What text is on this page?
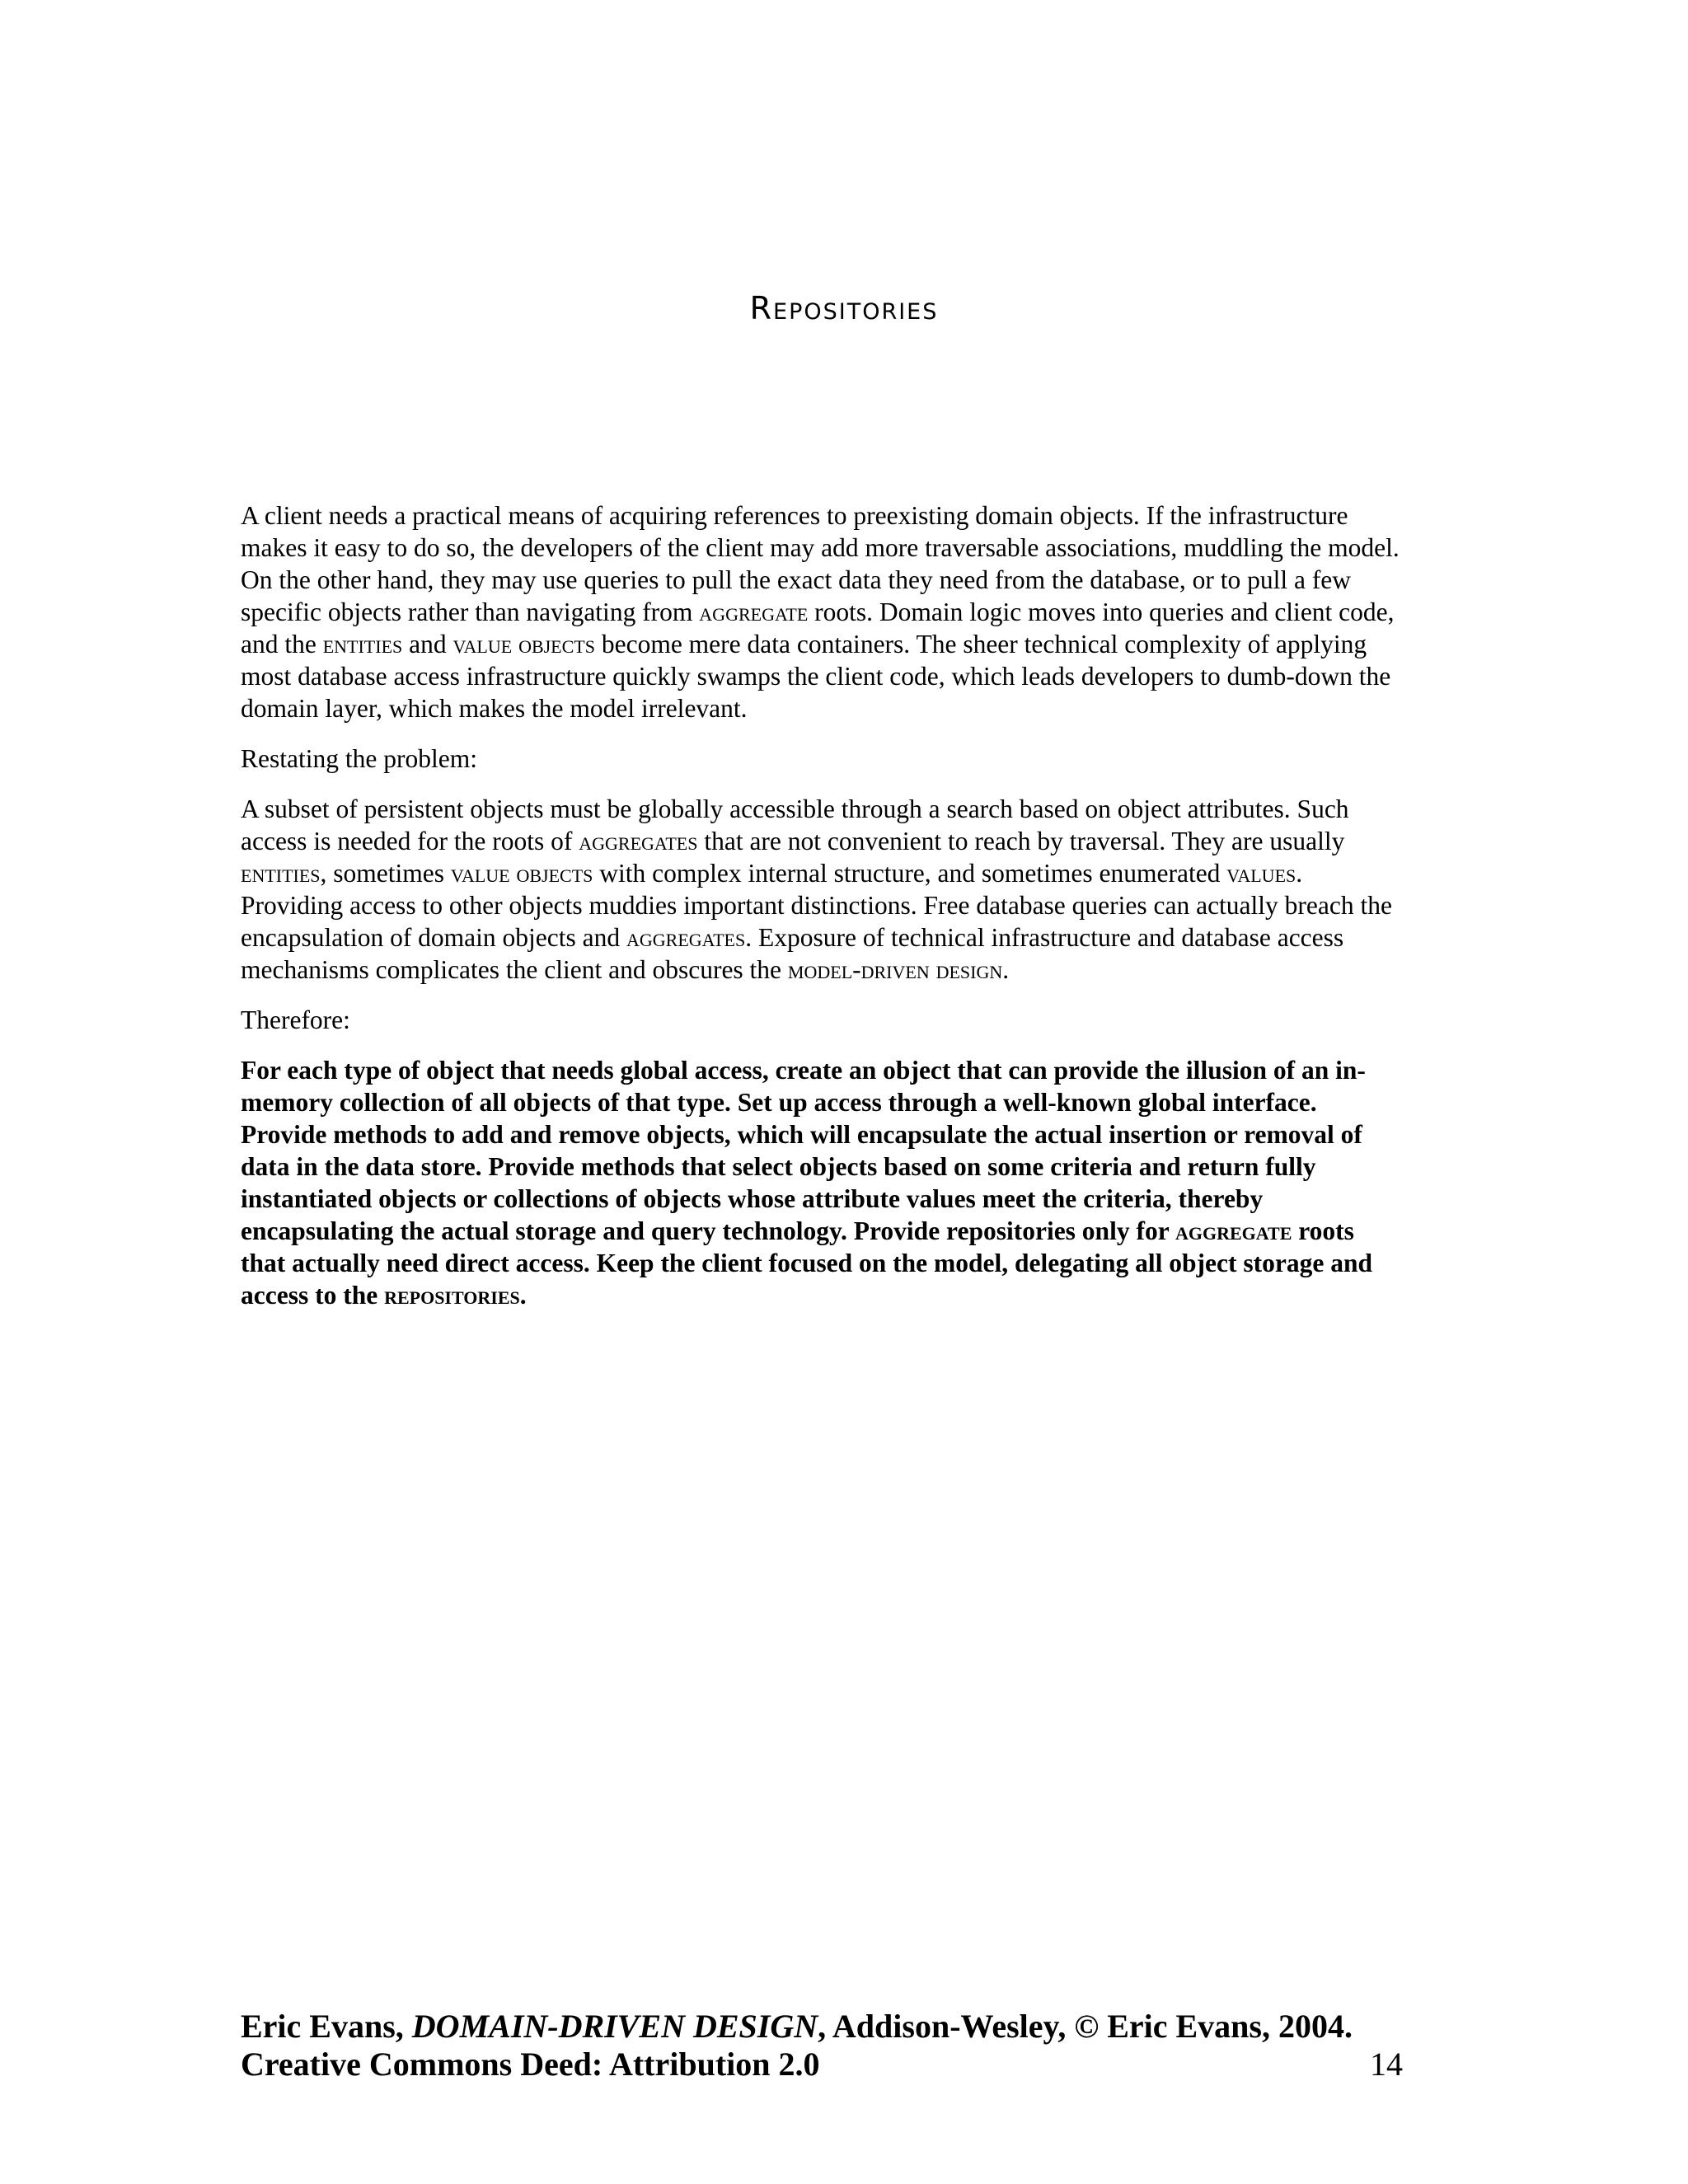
Repositories

A client needs a practical means of acquiring references to preexisting domain objects. If the infrastructure makes it easy to do so, the developers of the client may add more traversable associations, muddling the model. On the other hand, they may use queries to pull the exact data they need from the database, or to pull a few specific objects rather than navigating from aggregate roots. Domain logic moves into queries and client code, and the entities and value objects become mere data containers. The sheer technical complexity of applying most database access infrastructure quickly swamps the client code, which leads developers to dumb-down the domain layer, which makes the model irrelevant.

Restating the problem:

A subset of persistent objects must be globally accessible through a search based on object attributes. Such access is needed for the roots of aggregates that are not convenient to reach by traversal. They are usually entities, sometimes value objects with complex internal structure, and sometimes enumerated values. Providing access to other objects muddies important distinctions. Free database queries can actually breach the encapsulation of domain objects and aggregates. Exposure of technical infrastructure and database access mechanisms complicates the client and obscures the model-driven design.

Therefore:

For each type of object that needs global access, create an object that can provide the illusion of an in-memory collection of all objects of that type. Set up access through a well-known global interface. Provide methods to add and remove objects, which will encapsulate the actual insertion or removal of data in the data store. Provide methods that select objects based on some criteria and return fully instantiated objects or collections of objects whose attribute values meet the criteria, thereby encapsulating the actual storage and query technology. Provide repositories only for aggregate roots that actually need direct access. Keep the client focused on the model, delegating all object storage and access to the repositories.

Eric Evans, DOMAIN-DRIVEN DESIGN, Addison-Wesley, © Eric Evans, 2004.
Creative Commons Deed: Attribution 2.0	14
